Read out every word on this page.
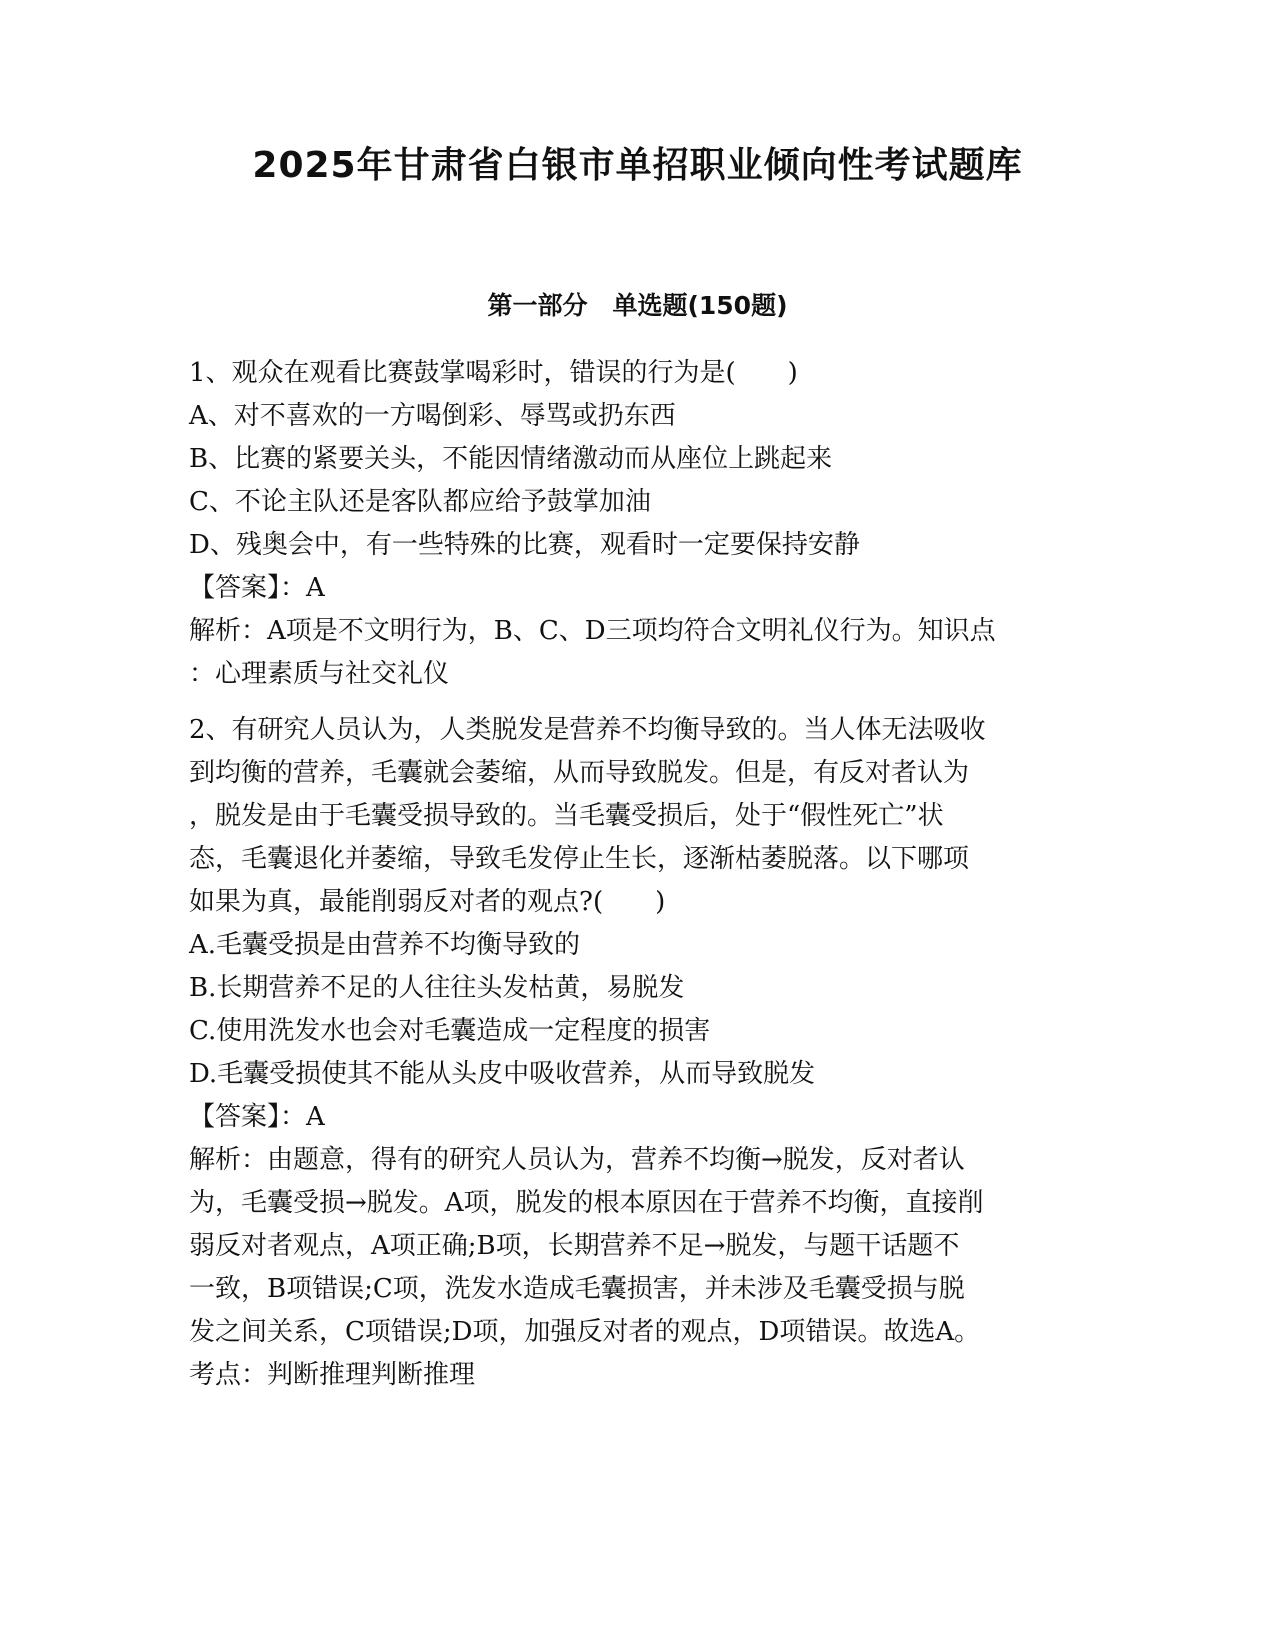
2025年甘肃省白银市单招职业倾向性考试题库
第一部分　单选题(150题)
1、观众在观看比赛鼓掌喝彩时，错误的行为是(　　)
A、对不喜欢的一方喝倒彩、辱骂或扔东西
B、比赛的紧要关头，不能因情绪激动而从座位上跳起来
C、不论主队还是客队都应给予鼓掌加油
D、残奥会中，有一些特殊的比赛，观看时一定要保持安静
【答案】：A
解析：A项是不文明行为，B、C、D三项均符合文明礼仪行为。知识点
：心理素质与社交礼仪
2、有研究人员认为，人类脱发是营养不均衡导致的。当人体无法吸收
到均衡的营养，毛囊就会萎缩，从而导致脱发。但是，有反对者认为
，脱发是由于毛囊受损导致的。当毛囊受损后，处于“假性死亡”状
态，毛囊退化并萎缩，导致毛发停止生长，逐渐枯萎脱落。以下哪项
如果为真，最能削弱反对者的观点?(　　)
A.毛囊受损是由营养不均衡导致的
B.长期营养不足的人往往头发枯黄，易脱发
C.使用洗发水也会对毛囊造成一定程度的损害
D.毛囊受损使其不能从头皮中吸收营养，从而导致脱发
【答案】：A
解析：由题意，得有的研究人员认为，营养不均衡→脱发，反对者认
为，毛囊受损→脱发。A项，脱发的根本原因在于营养不均衡，直接削
弱反对者观点，A项正确;B项，长期营养不足→脱发，与题干话题不
一致，B项错误;C项，洗发水造成毛囊损害，并未涉及毛囊受损与脱
发之间关系，C项错误;D项，加强反对者的观点，D项错误。故选A。
考点：判断推理判断推理
